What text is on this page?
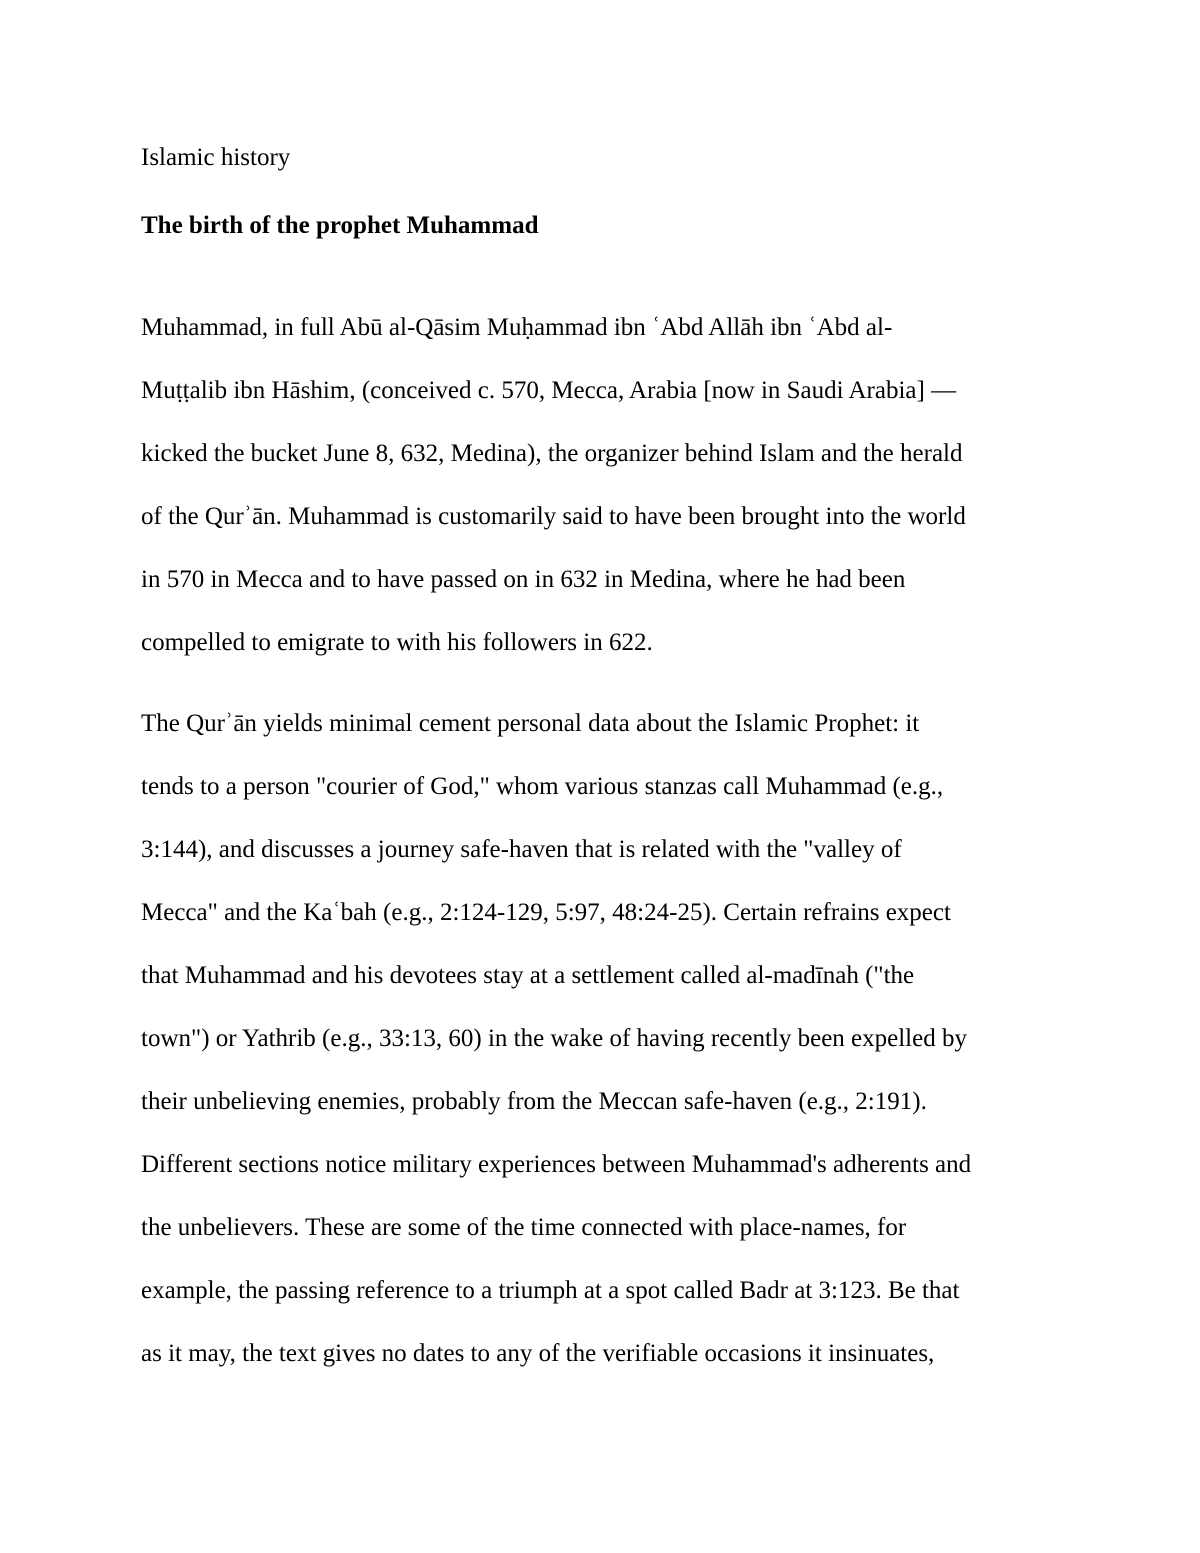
Islamic history
The birth of the prophet Muhammad
Muhammad, in full Abū al-Qāsim Muḥammad ibn ʿAbd Allāh ibn ʿAbd al-
Muṭṭalib ibn Hāshim, (conceived c. 570, Mecca, Arabia [now in Saudi Arabia] —
kicked the bucket June 8, 632, Medina), the organizer behind Islam and the herald
of the Qurʾān. Muhammad is customarily said to have been brought into the world
in 570 in Mecca and to have passed on in 632 in Medina, where he had been
compelled to emigrate to with his followers in 622.
The Qurʾān yields minimal cement personal data about the Islamic Prophet: it
tends to a person "courier of God," whom various stanzas call Muhammad (e.g.,
3:144), and discusses a journey safe-haven that is related with the "valley of
Mecca" and the Kaʿbah (e.g., 2:124-129, 5:97, 48:24-25). Certain refrains expect
that Muhammad and his devotees stay at a settlement called al-madīnah ("the
town") or Yathrib (e.g., 33:13, 60) in the wake of having recently been expelled by
their unbelieving enemies, probably from the Meccan safe-haven (e.g., 2:191).
Different sections notice military experiences between Muhammad's adherents and
the unbelievers. These are some of the time connected with place-names, for
example, the passing reference to a triumph at a spot called Badr at 3:123. Be that
as it may, the text gives no dates to any of the verifiable occasions it insinuates,
